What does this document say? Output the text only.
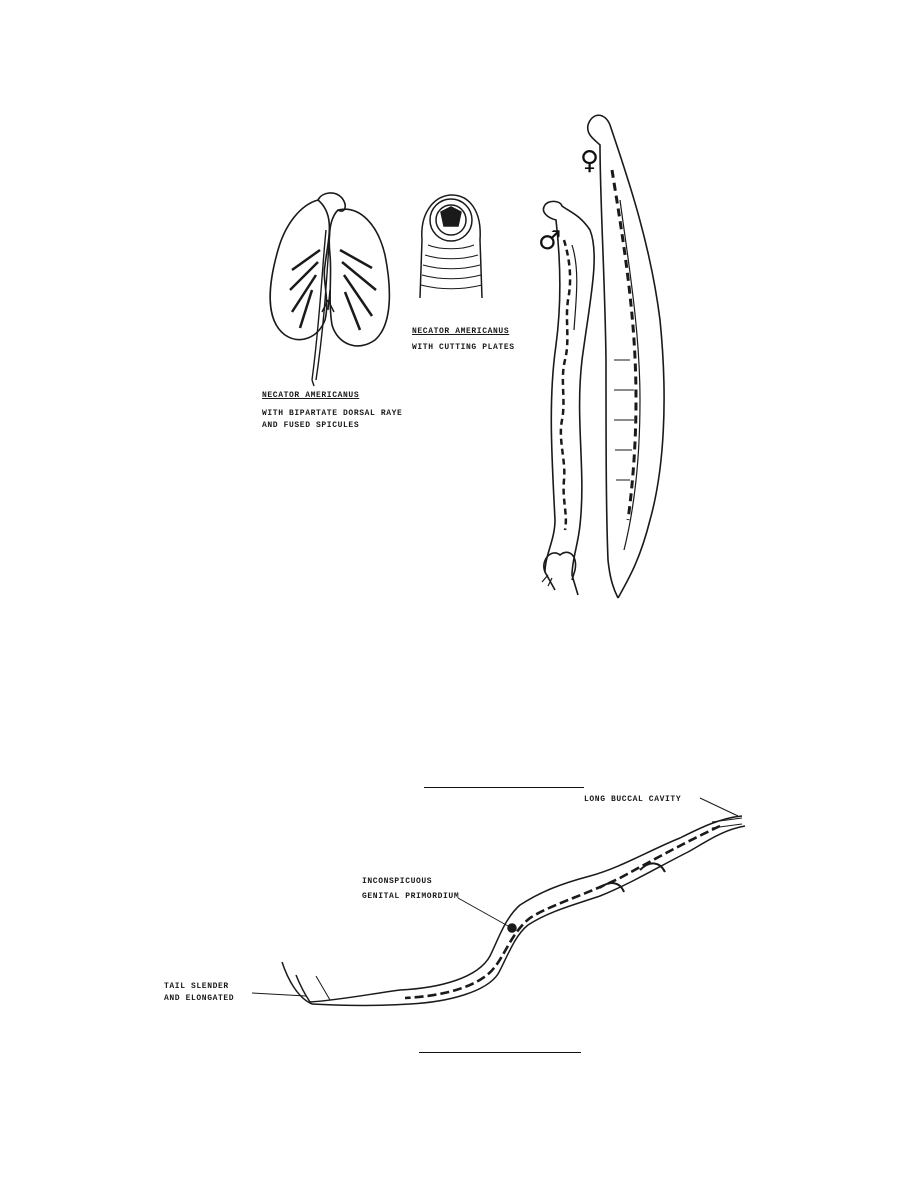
NECATOR AMERICANUS
WITH BIPARTATE DORSAL RAYE
AND FUSED SPICULES
NECATOR AMERICANUS
WITH CUTTING PLATES
♂
♀
LONG BUCCAL CAVITY
INCONSPICUOUS
GENITAL PRIMORDIUM
TAIL SLENDER
AND ELONGATED
